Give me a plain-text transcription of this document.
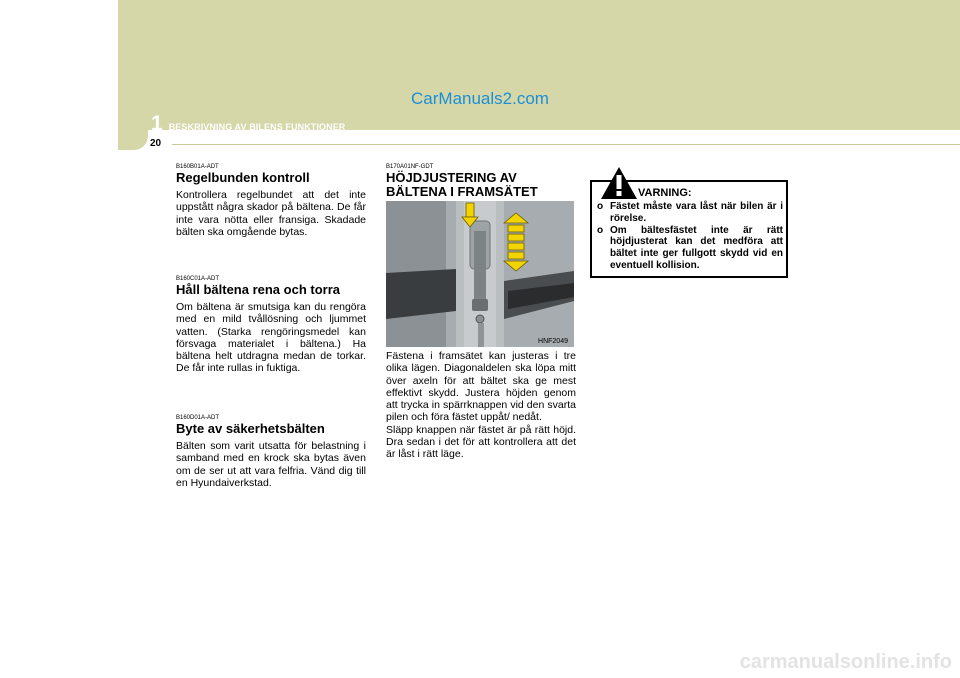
CarManuals2.com
1 BESKRIVNING AV BILENS FUNKTIONER
20

B160B01A-ADT

Regelbunden kontroll

Kontrollera regelbundet att det inte uppstått några skador på bältena. De får inte vara nötta eller fransiga. Skadade bälten ska omgående bytas.

B160C01A-ADT

Håll bältena rena och torra

Om bältena är smutsiga kan du rengöra med en mild tvållösning och ljummet vatten. (Starka rengöringsmedel kan försvaga materialet i bältena.) Ha bältena helt utdragna medan de torkar. De får inte rullas in fuktiga.

B160D01A-ADT

Byte av säkerhetsbälten

Bälten som varit utsatta för belastning i samband med en krock ska bytas även om de ser ut att vara felfria. Vänd dig till en Hyundaiverkstad.

B170A01NF-GDT

HÖJDJUSTERING AV

BÄLTENA I FRAMSÄTET

HNF2049

Fästena i framsätet kan justeras i tre olika lägen. Diagonaldelen ska löpa mitt över axeln för att bältet ska ge mest effektivt skydd. Justera höjden genom att trycka in spärrknappen vid den svarta pilen och föra fästet uppåt/ nedåt.

Släpp knappen när fästet är på rätt höjd. Dra sedan i det för att kontrollera att det är låst i rätt läge.

VARNING:
o Fästet måste vara låst när bilen är i rörelse.
o Om bältesfästet inte är rätt höjdjusterat kan det medföra att bältet inte ger fullgott skydd vid en eventuell kollision.
carmanualsonline.info
